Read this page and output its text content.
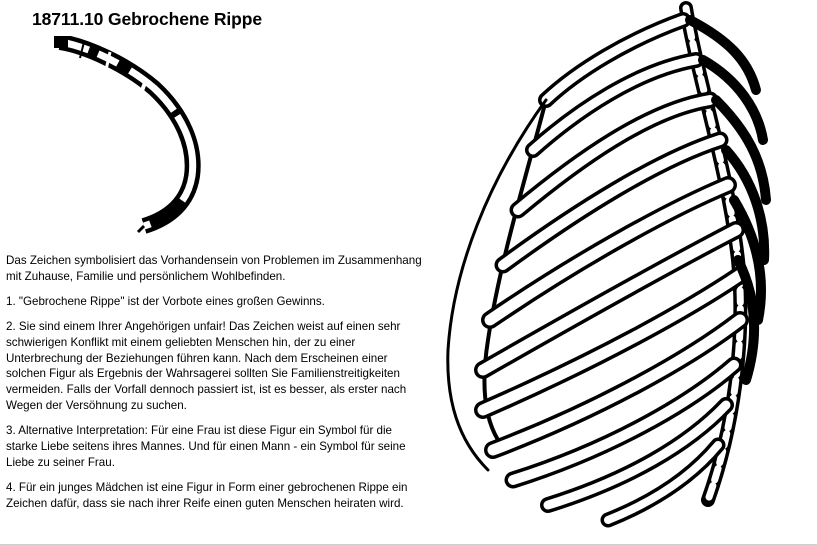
18711.10 Gebrochene Rippe

Das Zeichen symbolisiert das Vorhandensein von Problemen im Zusammenhang mit Zuhause, Familie und persönlichem Wohlbefinden.

1. "Gebrochene Rippe" ist der Vorbote eines großen Gewinns.

2. Sie sind einem Ihrer Angehörigen unfair! Das Zeichen weist auf einen sehr schwierigen Konflikt mit einem geliebten Menschen hin, der zu einer Unterbrechung der Beziehungen führen kann. Nach dem Erscheinen einer solchen Figur als Ergebnis der Wahrsagerei sollten Sie Familienstreitigkeiten vermeiden. Falls der Vorfall dennoch passiert ist, ist es besser, als erster nach Wegen der Versöhnung zu suchen.

3. Alternative Interpretation: Für eine Frau ist diese Figur ein Symbol für die starke Liebe seitens ihres Mannes. Und für einen Mann - ein Symbol für seine Liebe zu seiner Frau.

4. Für ein junges Mädchen ist eine Figur in Form einer gebrochenen Rippe ein Zeichen dafür, dass sie nach ihrer Reife einen guten Menschen heiraten wird.
